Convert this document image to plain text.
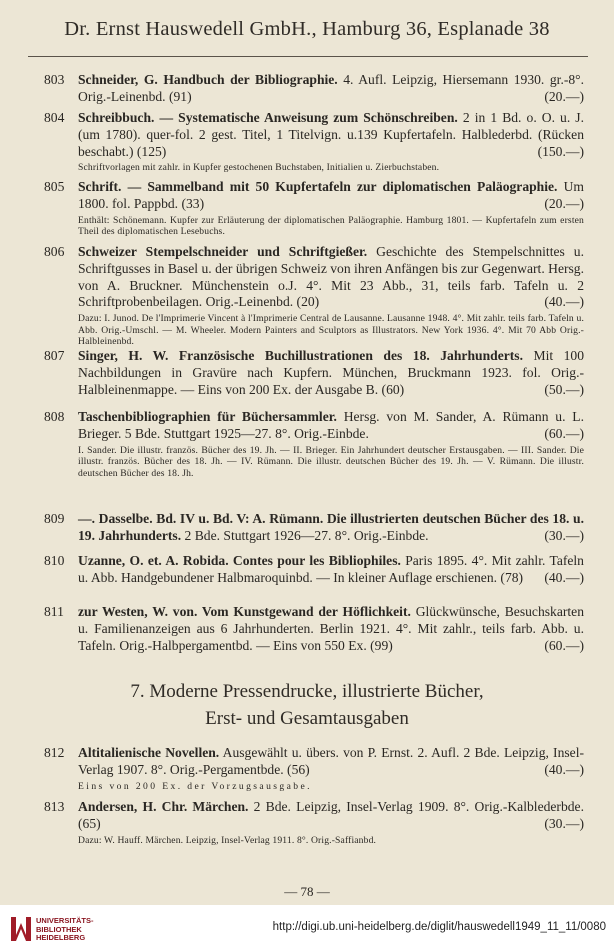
Dr. Ernst Hauswedell GmbH., Hamburg 36, Esplanade 38
803	Schneider, G. Handbuch der Bibliographie. 4. Aufl. Leipzig, Hiersemann 1930. gr.-8°. Orig.-Leinenbd. (91)	(20.—)
804	Schreibbuch. — Systematische Anweisung zum Schönschreiben. 2 in 1 Bd. o. O. u. J. (um 1780). quer-fol. 2 gest. Titel, 1 Titelvign. u.139 Kupfertafeln. Halblederbd. (Rücken beschabt.) (125)	(150.—)
Schriftvorlagen mit zahlr. in Kupfer gestochenen Buchstaben, Initialien u. Zierbuchstaben.
805	Schrift. — Sammelband mit 50 Kupfertafeln zur diplomatischen Paläographie. Um 1800. fol. Pappbd. (33)	(20.—)
Enthält: Schönemann. Kupfer zur Erläuterung der diplomatischen Paläographie. Hamburg 1801. — Kupfertafeln zum ersten Theil des diplomatischen Lesebuchs.
806	Schweizer Stempelschneider und Schriftgießer. Geschichte des Stempelschnittes u. Schriftgusses in Basel u. der übrigen Schweiz von ihren Anfängen bis zur Gegenwart. Hersg. von A. Bruckner. Münchenstein o.J. 4°. Mit 23 Abb., 31, teils farb. Tafeln u. 2 Schriftprobenbeilagen. Orig.-Leinenbd. (20)	(40.—)
Dazu: I. Junod. De l'Imprimerie Vincent à l'Imprimerie Central de Lausanne. Lausanne 1948. 4°. Mit zahlr. teils farb. Tafeln u. Abb. Orig.-Umschl. — M. Wheeler. Modern Painters and Sculptors as Illustrators. New York 1936. 4°. Mit 70 Abb Orig.-Halbleinenbd.
807	Singer, H. W. Französische Buchillustrationen des 18. Jahrhunderts. Mit 100 Nachbildungen in Gravüre nach Kupfern. München, Bruckmann 1923. fol. Orig.-Halbleinenmappe. — Eins von 200 Ex. der Ausgabe B. (60)	(50.—)
808	Taschenbibliographien für Büchersammler. Hersg. von M. Sander, A. Rümann u. L. Brieger. 5 Bde. Stuttgart 1925—27. 8°. Orig.-Einbde.	(60.—)
I. Sander. Die illustr. französ. Bücher des 19. Jh. — II. Brieger. Ein Jahrhundert deutscher Erstausgaben. — III. Sander. Die illustr. französ. Bücher des 18. Jh. — IV. Rümann. Die illustr. deutschen Bücher des 19. Jh. — V. Rümann. Die illustr. deutschen Bücher des 18. Jh.
809	—. Dasselbe. Bd. IV u. Bd. V: A. Rümann. Die illustrierten deutschen Bücher des 18. u. 19. Jahrhunderts. 2 Bde. Stuttgart 1926—27. 8°. Orig.-Einbde.	(30.—)
810	Uzanne, O. et. A. Robida. Contes pour les Bibliophiles. Paris 1895. 4°. Mit zahlr. Tafeln u. Abb. Handgebundener Halbmaroquinbd. — In kleiner Auflage erschienen. (78) (40.—)
811	zur Westen, W. von. Vom Kunstgewand der Höflichkeit. Glückwünsche, Besuchskarten u. Familienanzeigen aus 6 Jahrhunderten. Berlin 1921. 4°. Mit zahlr., teils farb. Abb. u. Tafeln. Orig.-Halbpergamentbd. — Eins von 550 Ex. (99)	(60.—)
7. Moderne Pressendrucke, illustrierte Bücher,
Erst- und Gesamtausgaben
812	Altitalienische Novellen. Ausgewählt u. übers. von P. Ernst. 2. Aufl. 2 Bde. Leipzig, Insel-Verlag 1907. 8°. Orig.-Pergamentbde. (56)	(40.—)
Eins von 200 Ex. der Vorzugsausgabe.
813	Andersen, H. Chr. Märchen. 2 Bde. Leipzig, Insel-Verlag 1909. 8°. Orig.-Kalblederbde. (65)	(30.—)
Dazu: W. Hauff. Märchen. Leipzig, Insel-Verlag 1911. 8°. Orig.-Saffianbd.
— 78 —
UNIVERSITÄTS-
BIBLIOTHEK
HEIDELBERG
http://digi.ub.uni-heidelberg.de/diglit/hauswedell1949_11_11/0080
